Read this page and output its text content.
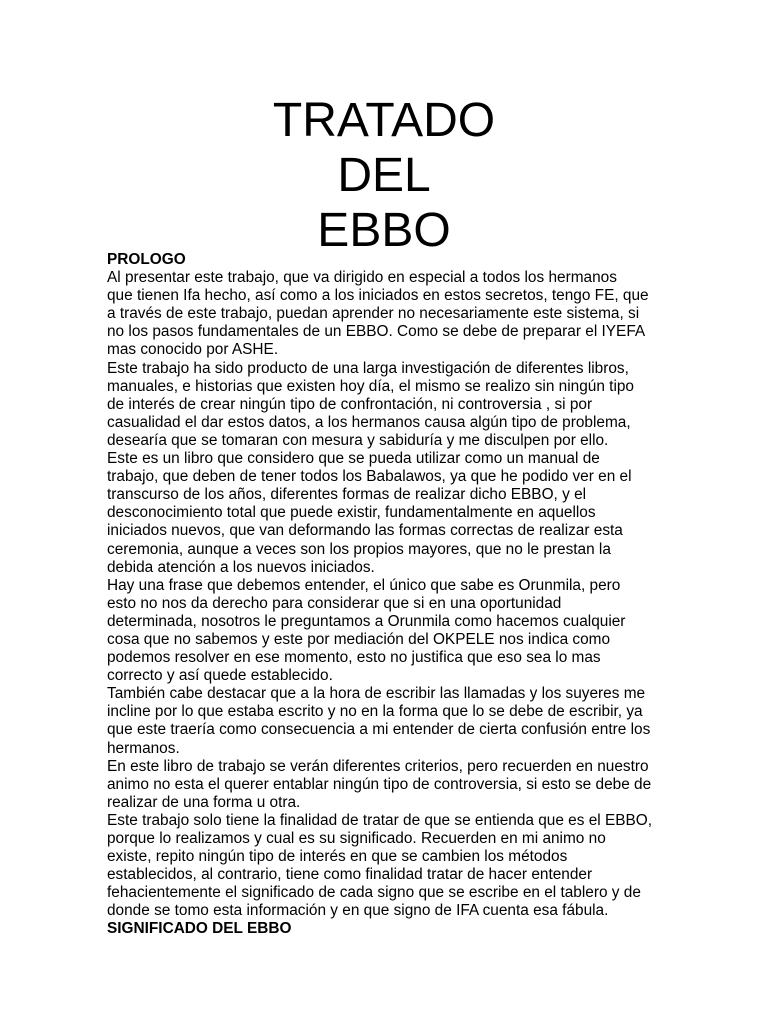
TRATADO
DEL
EBBO
PROLOGO
Al presentar este trabajo, que va dirigido en especial a todos los hermanos
que tienen Ifa hecho, así como a los iniciados en estos secretos, tengo FE, que
a través de este trabajo, puedan aprender no necesariamente este sistema, si
no los pasos fundamentales de un EBBO. Como se debe de preparar el IYEFA
mas conocido por ASHE.
Este trabajo ha sido producto de una larga investigación de diferentes libros,
manuales, e historias que existen hoy día, el mismo se realizo sin ningún tipo
de interés de crear ningún tipo de confrontación, ni controversia , si por
casualidad el dar estos datos, a los hermanos causa algún tipo de problema,
desearía que se tomaran con mesura y sabiduría y me disculpen por ello.
Este es un libro que considero que se pueda utilizar como un manual de
trabajo, que deben de tener todos los Babalawos, ya que he podido ver en el
transcurso de los años, diferentes formas de realizar dicho EBBO, y el
desconocimiento total que puede existir, fundamentalmente en aquellos
iniciados nuevos, que van deformando las formas correctas de realizar esta
ceremonia, aunque a veces son los propios mayores, que no le prestan la
debida atención a los nuevos iniciados.
Hay una frase que debemos entender, el único que sabe es Orunmila, pero
esto no nos da derecho para considerar que si en una oportunidad
determinada, nosotros le preguntamos a Orunmila como hacemos cualquier
cosa que no sabemos y este por mediación del OKPELE nos indica como
podemos resolver en ese momento, esto no justifica que eso sea lo mas
correcto y así quede establecido.
También cabe destacar que a la hora de escribir las llamadas y los suyeres me
incline por lo que estaba escrito y no en la forma que lo se debe de escribir, ya
que este traería como consecuencia a mi entender de cierta confusión entre los
hermanos.
En este libro de trabajo se verán diferentes criterios, pero recuerden en nuestro
animo no esta el querer entablar ningún tipo de controversia, si esto se debe de
realizar de una forma u otra.
Este trabajo solo tiene la finalidad de tratar de que se entienda que es el EBBO,
porque lo realizamos y cual es su significado. Recuerden en mi animo no
existe, repito ningún tipo de interés en que se cambien los métodos
establecidos, al contrario, tiene como finalidad tratar de hacer entender
fehacientemente el significado de cada signo que se escribe en el tablero y de
donde se tomo esta información y en que signo de IFA cuenta esa fábula.
SIGNIFICADO DEL EBBO
